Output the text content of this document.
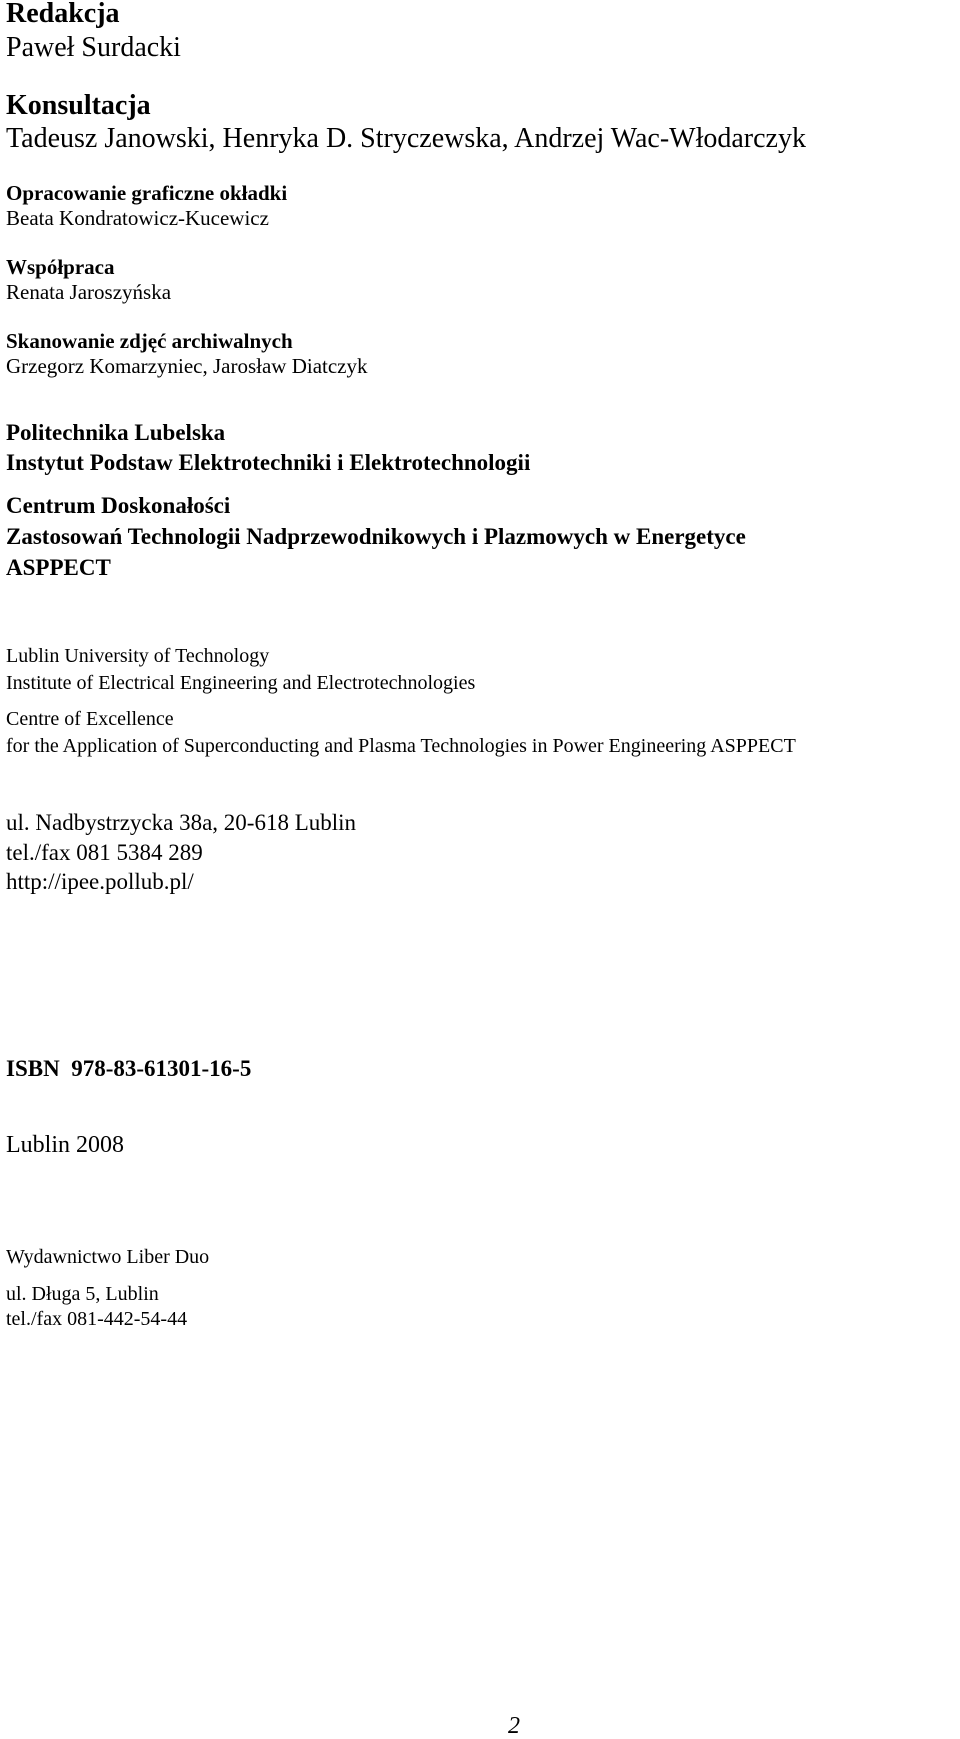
Redakcja

Paweł Surdacki

Konsultacja

Tadeusz Janowski, Henryka D. Stryczewska, Andrzej Wac-Włodarczyk

Opracowanie graficzne okładki

Beata Kondratowicz-Kucewicz

Współpraca

Renata Jaroszyńska

Skanowanie zdjęć archiwalnych

Grzegorz Komarzyniec, Jarosław Diatczyk

Politechnika Lubelska

Instytut Podstaw Elektrotechniki i Elektrotechnologii

Centrum Doskonałości

Zastosowań Technologii Nadprzewodnikowych i Plazmowych w Energetyce

ASPPECT

Lublin University of Technology

Institute of Electrical Engineering and Electrotechnologies

Centre of Excellence

for the Application of Superconducting and Plasma Technologies in Power Engineering ASPPECT

ul. Nadbystrzycka 38a, 20-618 Lublin

tel./fax 081 5384 289

http://ipee.pollub.pl/

ISBN  978-83-61301-16-5

Lublin 2008

Wydawnictwo Liber Duo

ul. Długa 5, Lublin

tel./fax 081-442-54-44

2
